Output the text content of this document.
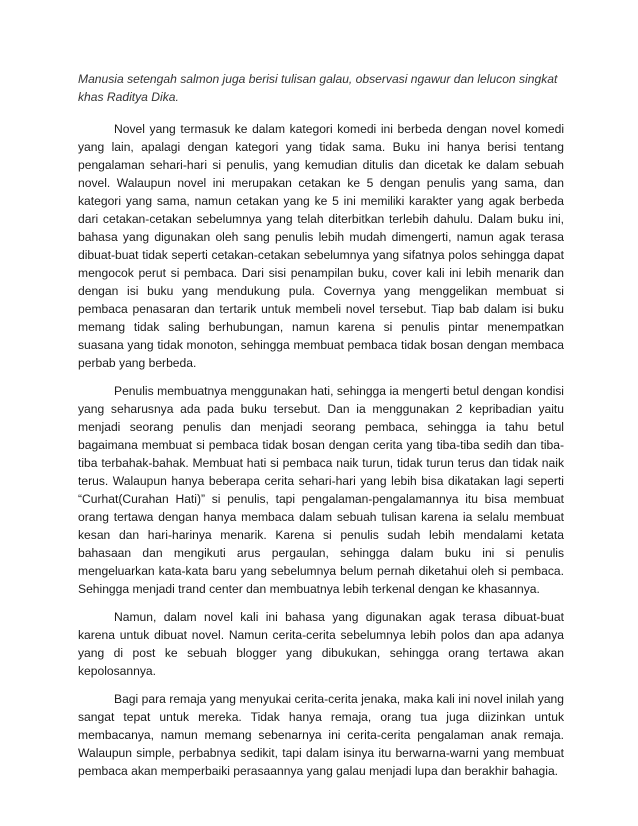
Manusia setengah salmon juga berisi tulisan galau, observasi ngawur dan lelucon singkat khas Raditya Dika.

Novel yang termasuk ke dalam kategori komedi ini berbeda dengan novel komedi yang lain, apalagi dengan kategori yang tidak sama. Buku ini hanya berisi tentang pengalaman sehari-hari si penulis, yang kemudian ditulis dan dicetak ke dalam sebuah novel. Walaupun novel ini merupakan cetakan ke 5 dengan penulis yang sama, dan kategori yang sama, namun cetakan yang ke 5 ini memiliki karakter yang agak berbeda dari cetakan-cetakan sebelumnya yang telah diterbitkan terlebih dahulu. Dalam buku ini, bahasa yang digunakan oleh sang penulis lebih mudah dimengerti, namun agak terasa dibuat-buat tidak seperti cetakan-cetakan sebelumnya yang sifatnya polos sehingga dapat mengocok perut si pembaca. Dari sisi penampilan buku, cover kali ini lebih menarik dan dengan isi buku yang mendukung pula. Covernya yang menggelikan membuat si pembaca penasaran dan tertarik untuk membeli novel tersebut. Tiap bab dalam isi buku memang tidak saling berhubungan, namun karena si penulis pintar menempatkan suasana yang tidak monoton, sehingga membuat pembaca tidak bosan dengan membaca perbab yang berbeda.

Penulis membuatnya menggunakan hati, sehingga ia mengerti betul dengan kondisi yang seharusnya ada pada buku tersebut. Dan ia menggunakan 2 kepribadian yaitu menjadi seorang penulis dan menjadi seorang pembaca, sehingga ia tahu betul bagaimana membuat si pembaca tidak bosan dengan cerita yang tiba-tiba sedih dan tiba-tiba terbahak-bahak. Membuat hati si pembaca naik turun, tidak turun terus dan tidak naik terus. Walaupun hanya beberapa cerita sehari-hari yang lebih bisa dikatakan lagi seperti “Curhat(Curahan Hati)” si penulis, tapi pengalaman-pengalamannya itu bisa membuat orang tertawa dengan hanya membaca dalam sebuah tulisan karena ia selalu membuat kesan dan hari-harinya menarik. Karena si penulis sudah lebih mendalami ketata bahasaan dan mengikuti arus pergaulan, sehingga dalam buku ini si penulis mengeluarkan kata-kata baru yang sebelumnya belum pernah diketahui oleh si pembaca. Sehingga menjadi trand center dan membuatnya lebih terkenal dengan ke khasannya.

Namun, dalam novel kali ini bahasa yang digunakan agak terasa dibuat-buat karena untuk dibuat novel. Namun cerita-cerita sebelumnya lebih polos dan apa adanya yang di post ke sebuah blogger yang dibukukan, sehingga orang tertawa akan kepolosannya.

Bagi para remaja yang menyukai cerita-cerita jenaka, maka kali ini novel inilah yang sangat tepat untuk mereka. Tidak hanya remaja, orang tua juga diizinkan untuk membacanya, namun memang sebenarnya ini cerita-cerita pengalaman anak remaja. Walaupun simple, perbabnya sedikit, tapi dalam isinya itu berwarna-warni yang membuat pembaca akan memperbaiki perasaannya yang galau menjadi lupa dan berakhir bahagia.
